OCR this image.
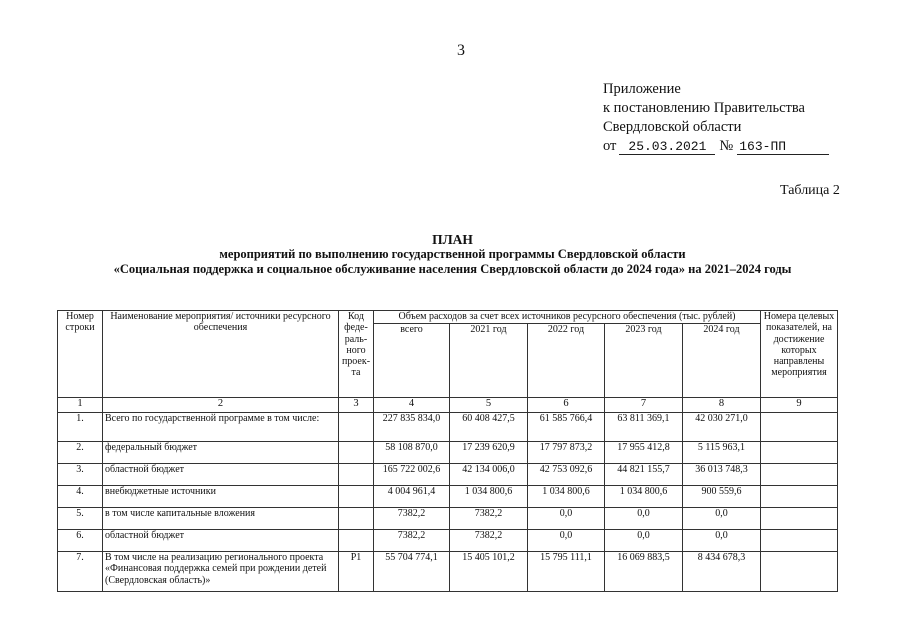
3
Приложение
к постановлению Правительства
Свердловской области
от 25.03.2021 № 163-ПП
Таблица 2
ПЛАН
мероприятий по выполнению государственной программы Свердловской области
«Социальная поддержка и социальное обслуживание населения Свердловской области до 2024 года» на 2021–2024 годы
Номер строки	Наименование мероприятия/ источники ресурсного обеспечения	Код феде- раль- ного проек- та	Объем расходов за счет всех источников ресурсного обеспечения (тыс. рублей)					Номера целевых показателей, на достижение которых направлены мероприятия
			всего	2021 год	2022 год	2023 год	2024 год	
1	2	3	4	5	6	7	8	9
1.	Всего по государственной программе в том числе:		227 835 834,0	60 408 427,5	61 585 766,4	63 811 369,1	42 030 271,0	
2.	федеральный бюджет		58 108 870,0	17 239 620,9	17 797 873,2	17 955 412,8	5 115 963,1	
3.	областной бюджет		165 722 002,6	42 134 006,0	42 753 092,6	44 821 155,7	36 013 748,3	
4.	внебюджетные источники		4 004 961,4	1 034 800,6	1 034 800,6	1 034 800,6	900 559,6	
5.	в том числе капитальные вложения		7382,2	7382,2	0,0	0,0	0,0	
6.	областной бюджет		7382,2	7382,2	0,0	0,0	0,0	
7.	В том числе на реализацию регионального проекта «Финансовая поддержка семей при рождении детей (Свердловская область)»	Р1	55 704 774,1	15 405 101,2	15 795 111,1	16 069 883,5	8 434 678,3	
